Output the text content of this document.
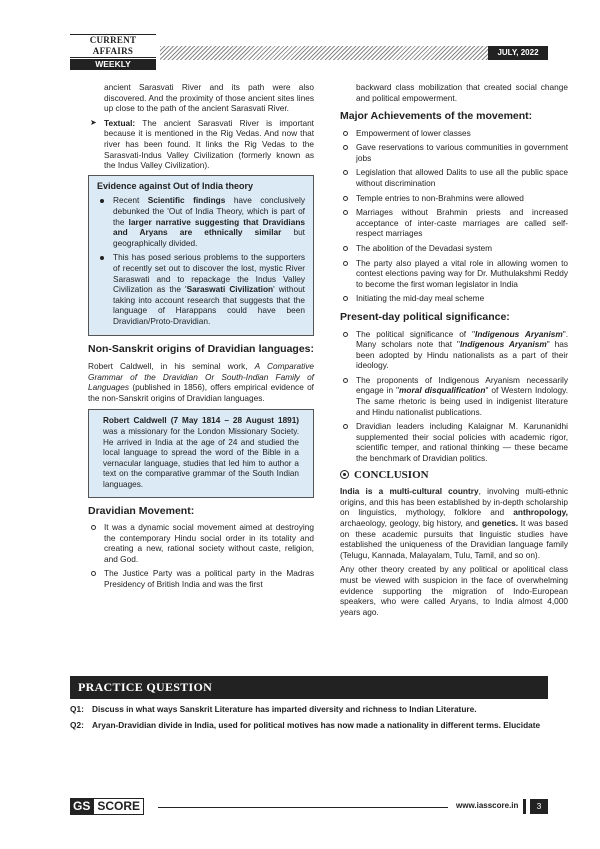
CURRENT AFFAIRS
WEEKLY
JULY, 2022

ancient Sarasvati River and its path were also discovered. And the proximity of those ancient sites lines up close to the path of the ancient Sarasvati River.

➤ Textual: The ancient Sarasvati River is important because it is mentioned in the Rig Vedas. And now that river has been found. It links the Rig Vedas to the Sarasvati-Indus Valley Civilization (formerly known as the Indus Valley Civilization).
Evidence against Out of India theory
Recent Scientific findings have conclusively debunked the 'Out of India Theory, which is part of the larger narrative suggesting that Dravidians and Aryans are ethnically similar but geographically divided.
This has posed serious problems to the supporters of recently set out to discover the lost, mystic River Saraswati and to repackage the Indus Valley Civilization as the 'Saraswati Civilization' without taking into account research that suggests that the language of Harappans could have been Dravidian/Proto-Dravidian.
Non-Sanskrit origins of Dravidian languages:

Robert Caldwell, in his seminal work, A Comparative Grammar of the Dravidian Or South-Indian Family of Languages (published in 1856), offers empirical evidence of the non-Sanskrit origins of Dravidian languages.

Robert Caldwell (7 May 1814 – 28 August 1891) was a missionary for the London Missionary Society. He arrived in India at the age of 24 and studied the local language to spread the word of the Bible in a vernacular language, studies that led him to author a text on the comparative grammar of the South Indian languages.
Dravidian Movement:
It was a dynamic social movement aimed at destroying the contemporary Hindu social order in its totality and creating a new, rational society without caste, religion, and God.
The Justice Party was a political party in the Madras Presidency of British India and was the first

backward class mobilization that created social change and political empowerment.

Major Achievements of the movement:
Empowerment of lower classes
Gave reservations to various communities in government jobs
Legislation that allowed Dalits to use all the public space without discrimination
Temple entries to non-Brahmins were allowed
Marriages without Brahmin priests and increased acceptance of inter-caste marriages are called self-respect marriages
The abolition of the Devadasi system
The party also played a vital role in allowing women to contest elections paving way for Dr. Muthulakshmi Reddy to become the first woman legislator in India
Initiating the mid-day meal scheme
Present-day political significance:
The political significance of "Indigenous Aryanism". Many scholars note that "Indigenous Aryanism" has been adopted by Hindu nationalists as a part of their ideology.
The proponents of Indigenous Aryanism necessarily engage in "moral disqualification" of Western Indology. The same rhetoric is being used in indigenist literature and Hindu nationalist publications.
Dravidian leaders including Kalaignar M. Karunanidhi supplemented their social policies with academic rigor, scientific temper, and rational thinking — these became the benchmark of Dravidian politics.
CONCLUSION

India is a multi-cultural country, involving multi-ethnic origins, and this has been established by in-depth scholarship on linguistics, mythology, folklore and anthropology, archaeology, geology, big history, and genetics. It was based on these academic pursuits that linguistic studies have established the uniqueness of the Dravidian language family (Telugu, Kannada, Malayalam, Tulu, Tamil, and so on).

Any other theory created by any political or apolitical class must be viewed with suspicion in the face of overwhelming evidence supporting the migration of Indo-European speakers, who were called Aryans, to India almost 4,000 years ago.

PRACTICE QUESTION
Q1: Discuss in what ways Sanskrit Literature has imparted diversity and richness to Indian Literature.
Q2: Aryan-Dravidian divide in India, used for political motives has now made a nationality in different terms. Elucidate
GS SCORE	www.iasscore.in	3
